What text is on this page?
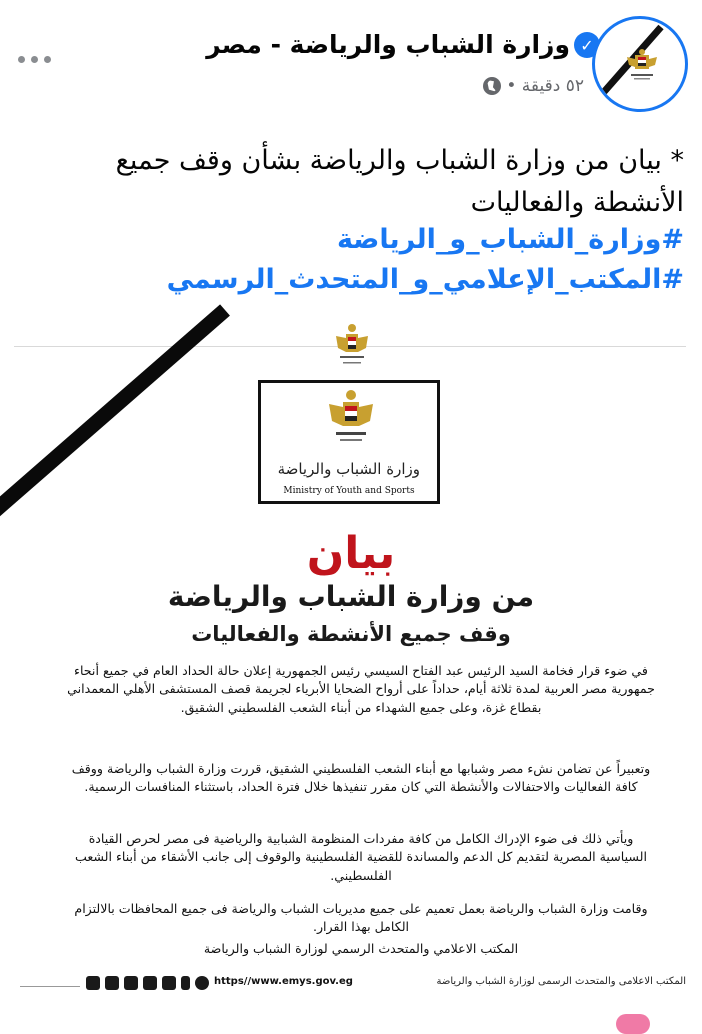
وزارة الشباب والرياضة - مصر ✓
٥٢ دقيقة •
* بيان من وزارة الشباب والرياضة بشأن وقف جميع الأنشطة والفعاليات
#وزارة_الشباب_و_الرياضة
#المكتب_الإعلامي_و_المتحدث_الرسمي
وزارة الشباب والرياضة
Ministry of Youth and Sports
بيان
من وزارة الشباب والرياضة
وقف جميع الأنشطة والفعاليات
في ضوء قرار فخامة السيد الرئيس عبد الفتاح السيسي رئيس الجمهورية إعلان حالة الحداد العام في جميع أنحاء جمهورية مصر العربية لمدة ثلاثة أيام، حداداً على أرواح الضحايا الأبرياء لجريمة قصف المستشفى الأهلي المعمداني بقطاع غزة، وعلى جميع الشهداء من أبناء الشعب الفلسطيني الشقيق.
وتعبيراً عن تضامن نشء مصر وشبابها مع أبناء الشعب الفلسطيني الشقيق، قررت وزارة الشباب والرياضة ووقف كافة الفعاليات والاحتفالات والأنشطة التي كان مقرر تنفيذها خلال فترة الحداد، باستثناء المنافسات الرسمية.
ويأتي ذلك فى ضوء الإدراك الكامل من كافة مفردات المنظومة الشبابية والرياضية فى مصر لحرص القيادة السياسية المصرية لتقديم كل الدعم والمساندة للقضية الفلسطينية والوقوف إلى جانب الأشقاء من أبناء الشعب الفلسطيني.
وقامت وزارة الشباب والرياضة بعمل تعميم على جميع مديريات الشباب والرياضة فى جميع المحافظات بالالتزام الكامل بهذا القرار.
المكتب الاعلامي والمتحدث الرسمي لوزارة الشباب والرياضة
https//www.emys.gov.eg	المكتب الاعلامى والمتحدث الرسمى لوزارة الشباب والرياضة
